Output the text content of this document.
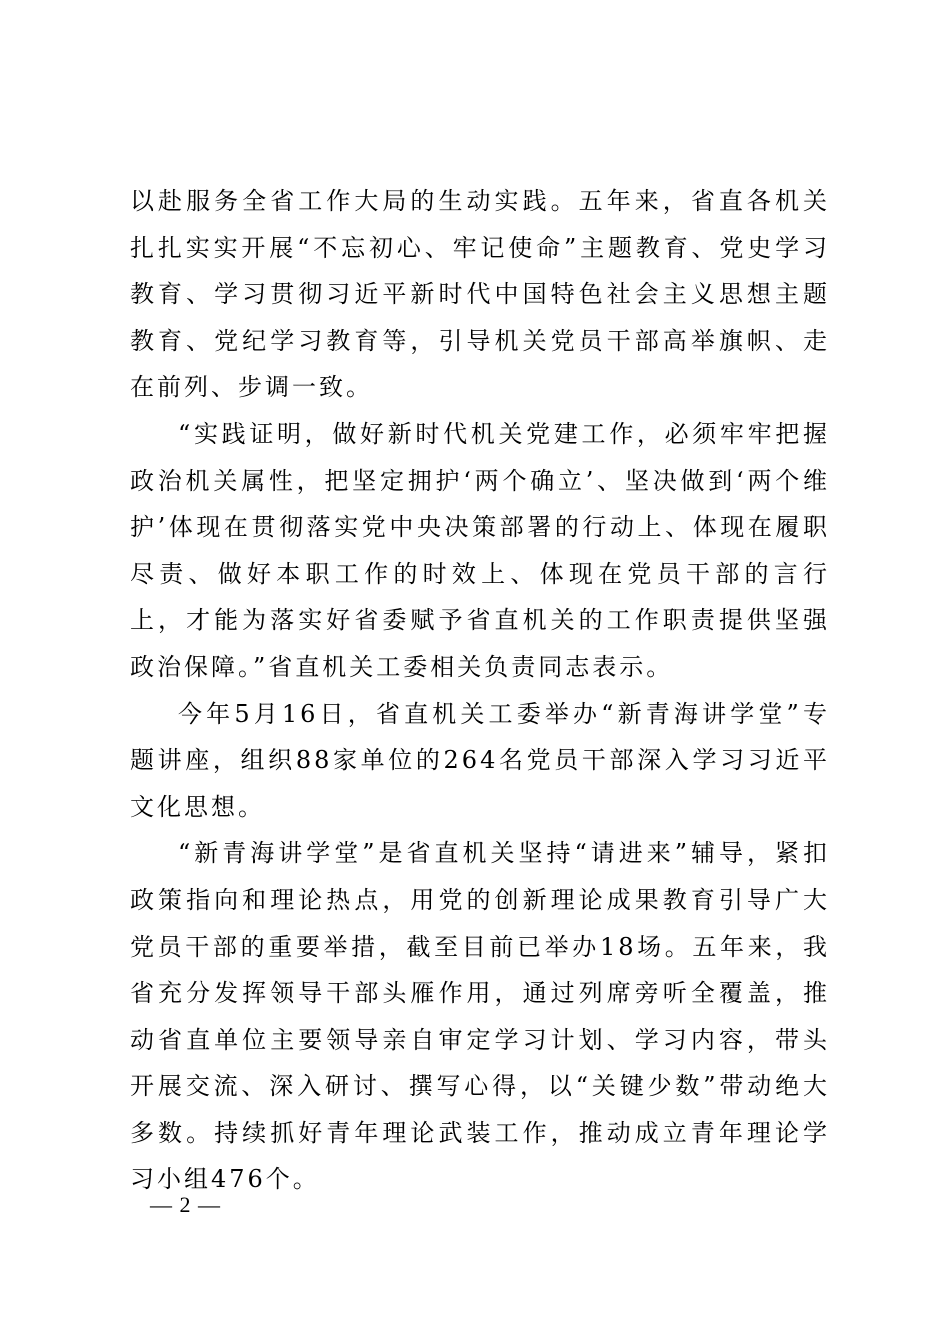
以赴服务全省工作大局的生动实践。五年来，省直各机关扎扎实实开展“不忘初心、牢记使命”主题教育、党史学习教育、学习贯彻习近平新时代中国特色社会主义思想主题教育、党纪学习教育等，引导机关党员干部高举旗帜、走在前列、步调一致。

“实践证明，做好新时代机关党建工作，必须牢牢把握政治机关属性，把坚定拥护‘两个确立’、坚决做到‘两个维护’体现在贯彻落实党中央决策部署的行动上、体现在履职尽责、做好本职工作的时效上、体现在党员干部的言行上，才能为落实好省委赋予省直机关的工作职责提供坚强政治保障。”省直机关工委相关负责同志表示。

今年5月16日，省直机关工委举办“新青海讲学堂”专题讲座，组织88家单位的264名党员干部深入学习习近平文化思想。

“新青海讲学堂”是省直机关坚持“请进来”辅导，紧扣政策指向和理论热点，用党的创新理论成果教育引导广大党员干部的重要举措，截至目前已举办18场。五年来，我省充分发挥领导干部头雁作用，通过列席旁听全覆盖，推动省直单位主要领导亲自审定学习计划、学习内容，带头开展交流、深入研讨、撰写心得，以“关键少数”带动绝大多数。持续抓好青年理论武装工作，推动成立青年理论学习小组476个。

— 2 —
